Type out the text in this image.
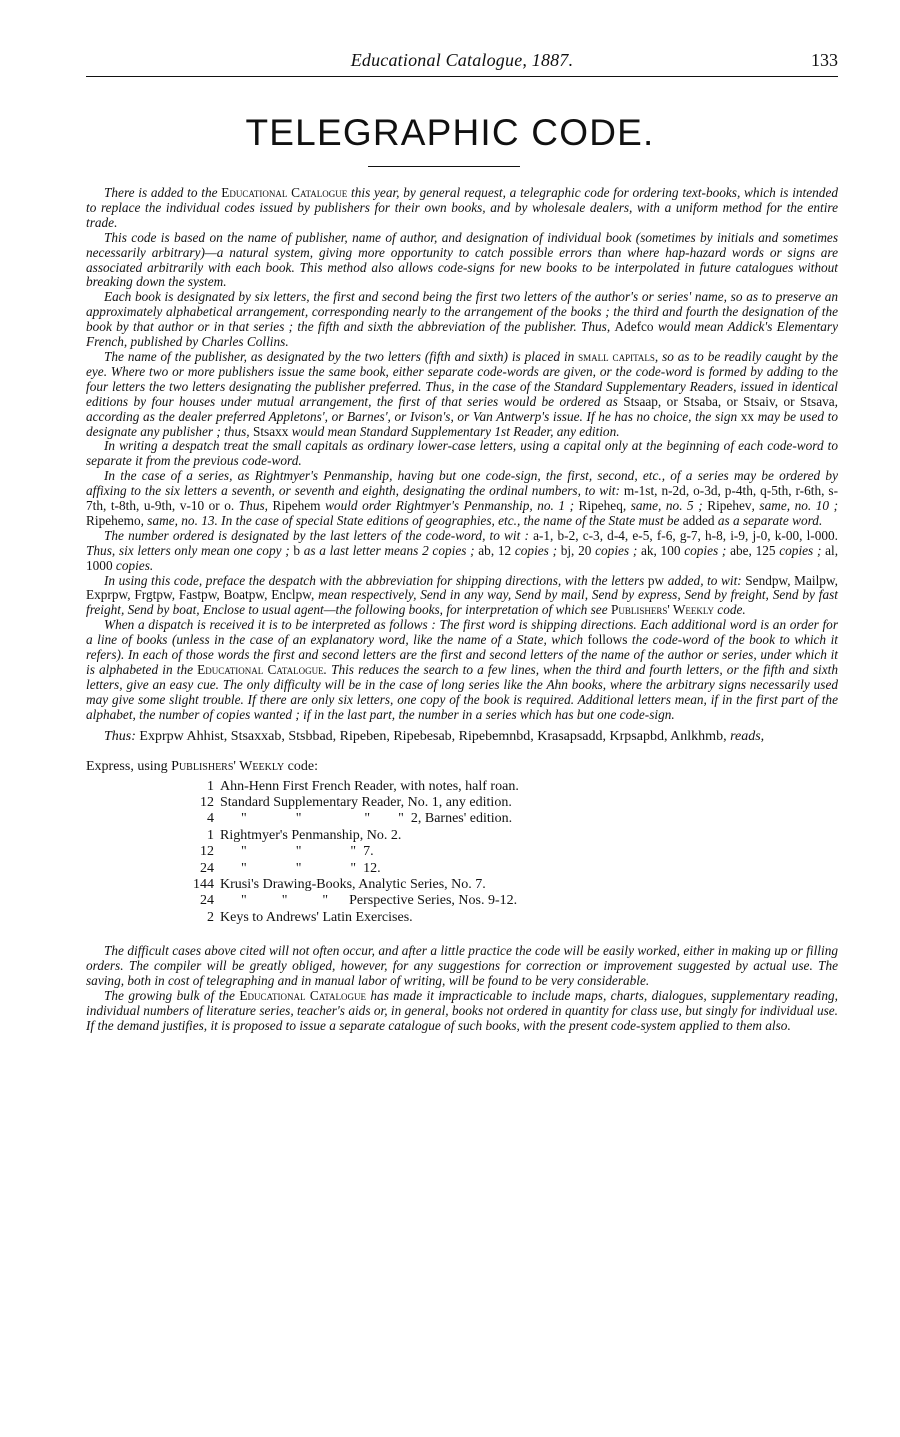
Educational Catalogue, 1887.	133
TELEGRAPHIC CODE.

There is added to the Educational Catalogue this year, by general request, a telegraphic code for ordering text-books, which is intended to replace the individual codes issued by publishers for their own books, and by wholesale dealers, with a uniform method for the entire trade.

This code is based on the name of publisher, name of author, and designation of individual book (sometimes by initials and sometimes necessarily arbitrary)—a natural system, giving more opportunity to catch possible errors than where hap-hazard words or signs are associated arbitrarily with each book. This method also allows code-signs for new books to be interpolated in future catalogues without breaking down the system.

Each book is designated by six letters, the first and second being the first two letters of the author's or series' name, so as to preserve an approximately alphabetical arrangement, corresponding nearly to the arrangement of the books ; the third and fourth the designation of the book by that author or in that series ; the fifth and sixth the abbreviation of the publisher. Thus, Adefco would mean Addick's Elementary French, published by Charles Collins.

The name of the publisher, as designated by the two letters (fifth and sixth) is placed in small capitals, so as to be readily caught by the eye. Where two or more publishers issue the same book, either separate code-words are given, or the code-word is formed by adding to the four letters the two letters designating the publisher preferred. Thus, in the case of the Standard Supplementary Readers, issued in identical editions by four houses under mutual arrangement, the first of that series would be ordered as Stsaap, or Stsaba, or Stsaiv, or Stsava, according as the dealer preferred Appletons', or Barnes', or Ivison's, or Van Antwerp's issue. If he has no choice, the sign xx may be used to designate any publisher ; thus, Stsaxx would mean Standard Supplementary 1st Reader, any edition.

In writing a despatch treat the small capitals as ordinary lower-case letters, using a capital only at the beginning of each code-word to separate it from the previous code-word.

In the case of a series, as Rightmyer's Penmanship, having but one code-sign, the first, second, etc., of a series may be ordered by affixing to the six letters a seventh, or seventh and eighth, designating the ordinal numbers, to wit: m-1st, n-2d, o-3d, p-4th, q-5th, r-6th, s-7th, t-8th, u-9th, v-10 or o. Thus, Ripehem would order Rightmyer's Penmanship, no. 1 ; Ripeheq, same, no. 5 ; Ripehev, same, no. 10 ; Ripehemo, same, no. 13. In the case of special State editions of geographies, etc., the name of the State must be added as a separate word.

The number ordered is designated by the last letters of the code-word, to wit : a-1, b-2, c-3, d-4, e-5, f-6, g-7, h-8, i-9, j-0, k-00, l-000. Thus, six letters only mean one copy ; b as a last letter means 2 copies ; ab, 12 copies ; bj, 20 copies ; ak, 100 copies ; abe, 125 copies ; al, 1000 copies.

In using this code, preface the despatch with the abbreviation for shipping directions, with the letters pw added, to wit: Sendpw, Mailpw, Exprpw, Frgtpw, Fastpw, Boatpw, Enclpw, mean respectively, Send in any way, Send by mail, Send by express, Send by freight, Send by fast freight, Send by boat, Enclose to usual agent—the following books, for interpretation of which see Publishers' Weekly code.

When a dispatch is received it is to be interpreted as follows : The first word is shipping directions. Each additional word is an order for a line of books (unless in the case of an explanatory word, like the name of a State, which follows the code-word of the book to which it refers). In each of those words the first and second letters are the first and second letters of the name of the author or series, under which it is alphabeted in the Educational Catalogue. This reduces the search to a few lines, when the third and fourth letters, or the fifth and sixth letters, give an easy cue. The only difficulty will be in the case of long series like the Ahn books, where the arbitrary signs necessarily used may give some slight trouble. If there are only six letters, one copy of the book is required. Additional letters mean, if in the first part of the alphabet, the number of copies wanted ; if in the last part, the number in a series which has but one code-sign.

Thus: Exprpw Ahhist, Stsaxxab, Stsbbad, Ripeben, Ripebesab, Ripebemnbd, Krasapsadd, Krpsapbd, Anlkhmb, reads,

Express, using Publishers' Weekly code:
1 Ahn-Henn First French Reader, with notes, half roan.
12 Standard Supplementary Reader, No. 1, any edition.
4 "              "                  "        "  2, Barnes' edition.
1 Rightmyer's Penmanship, No. 2.
12 "              "              "  7.
24 "              "              "  12.
144 Krusi's Drawing-Books, Analytic Series, No. 7.
24 "          "          "      Perspective Series, Nos. 9-12.
2 Keys to Andrews' Latin Exercises.

The difficult cases above cited will not often occur, and after a little practice the code will be easily worked, either in making up or filling orders. The compiler will be greatly obliged, however, for any suggestions for correction or improvement suggested by actual use. The saving, both in cost of telegraphing and in manual labor of writing, will be found to be very considerable.

The growing bulk of the Educational Catalogue has made it impracticable to include maps, charts, dialogues, supplementary reading, individual numbers of literature series, teacher's aids or, in general, books not ordered in quantity for class use, but singly for individual use. If the demand justifies, it is proposed to issue a separate catalogue of such books, with the present code-system applied to them also.
